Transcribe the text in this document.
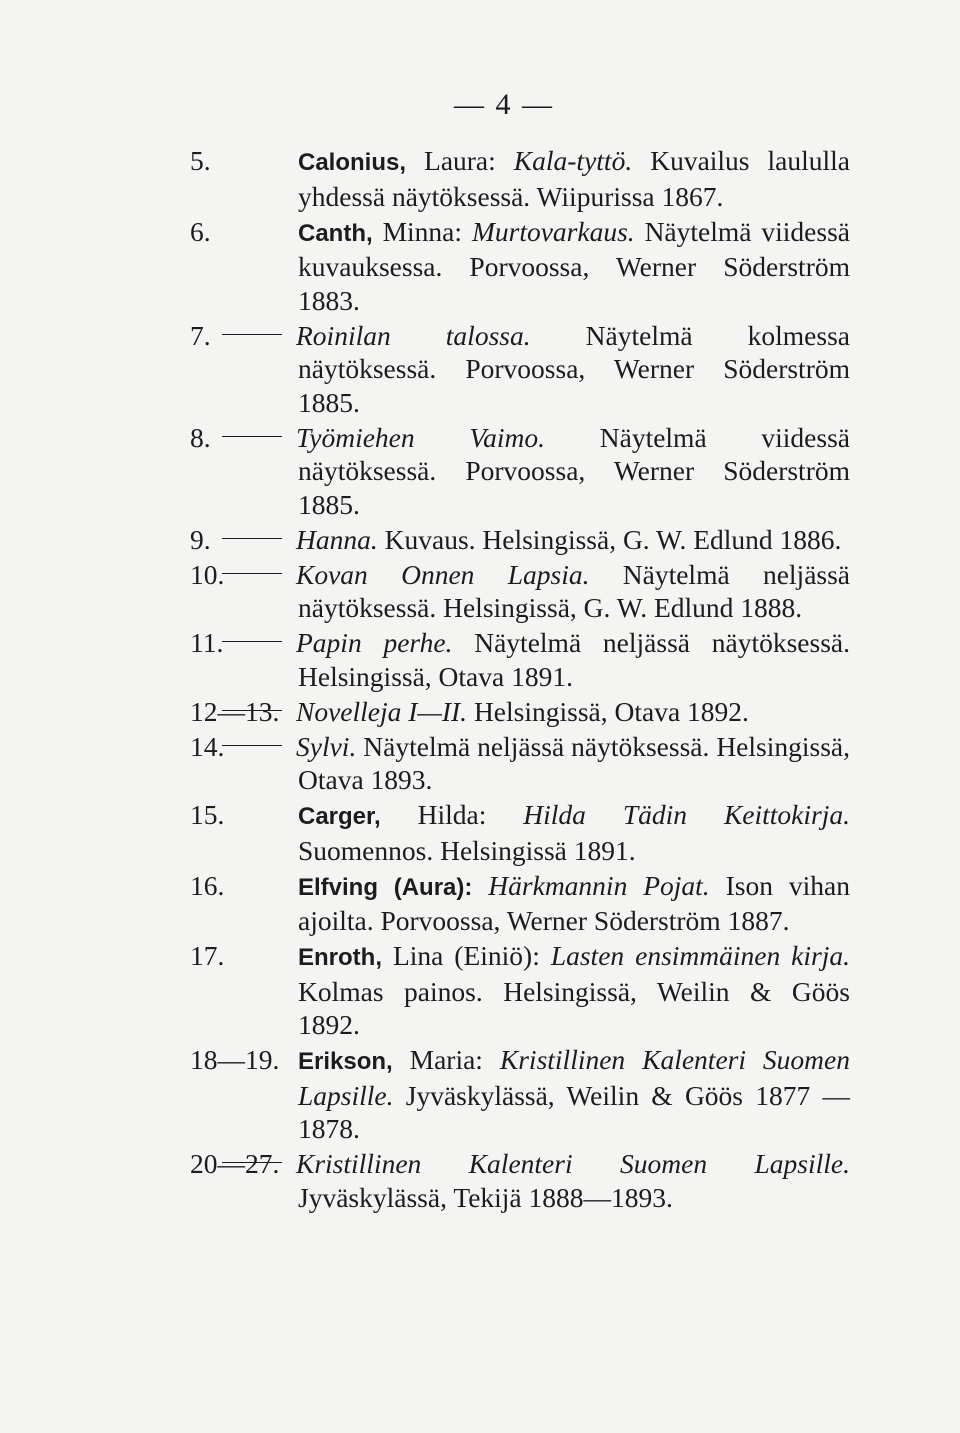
— 4 —
5.	Calonius, Laura: Kala-tyttö. Kuvailus laululla yhdessä näytöksessä. Wiipurissa 1867.
6.	Canth, Minna: Murtovarkaus. Näytelmä viidessä kuvauksessa. Porvoossa, Werner Söderström 1883.
7.	Roinilan talossa. Näytelmä kolmessa näytöksessä. Porvoossa, Werner Söderström 1885.
8.	Työmiehen Vaimo. Näytelmä viidessä näytöksessä. Porvoossa, Werner Söderström 1885.
9.	Hanna. Kuvaus. Helsingissä, G. W. Edlund 1886.
10.	Kovan Onnen Lapsia. Näytelmä neljässä näytöksessä. Helsingissä, G. W. Edlund 1888.
11.	Papin perhe. Näytelmä neljässä näytöksessä. Helsingissä, Otava 1891.
12—13. Novelleja I—II. Helsingissä, Otava 1892.
14.	Sylvi. Näytelmä neljässä näytöksessä. Helsingissä, Otava 1893.
15.	Carger, Hilda: Hilda Tädin Keittokirja. Suomennos. Helsingissä 1891.
16.	Elfving (Aura): Härkmannin Pojat. Ison vihan ajoilta. Porvoossa, Werner Söderström 1887.
17.	Enroth, Lina (Einiö): Lasten ensimmäinen kirja. Kolmas painos. Helsingissä, Weilin & Göös 1892.
18—19. Erikson, Maria: Kristillinen Kalenteri Suomen Lapsille. Jyväskylässä, Weilin & Göös 1877 —1878.
20—27. Kristillinen Kalenteri Suomen Lapsille. Jyväskylässä, Tekijä 1888—1893.
